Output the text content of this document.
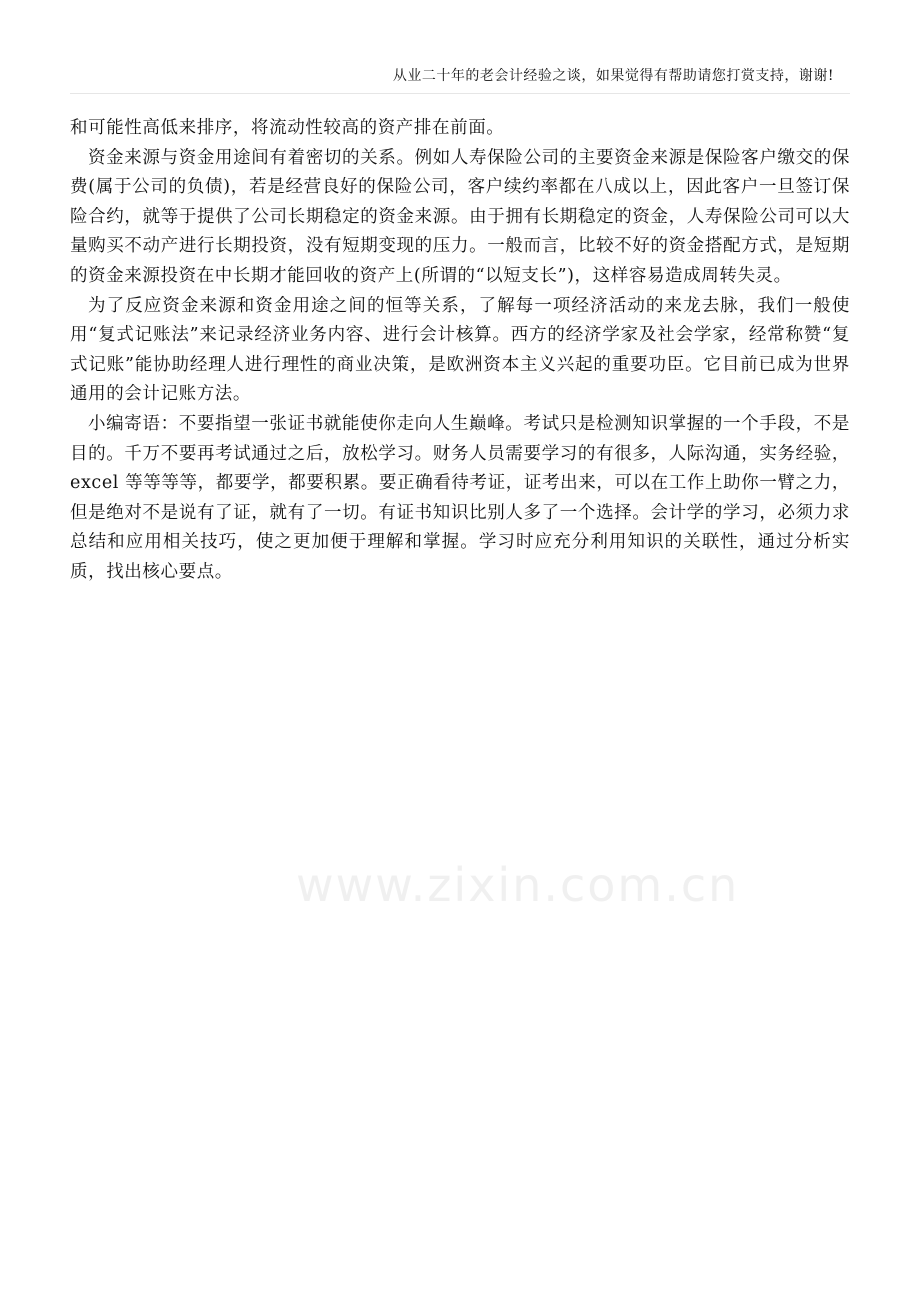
从业二十年的老会计经验之谈，如果觉得有帮助请您打赏支持，谢谢!

和可能性高低来排序，将流动性较高的资产排在前面。

资金来源与资金用途间有着密切的关系。例如人寿保险公司的主要资金来源是保险客户缴交的保费(属于公司的负债)，若是经营良好的保险公司，客户续约率都在八成以上，因此客户一旦签订保险合约，就等于提供了公司长期稳定的资金来源。由于拥有长期稳定的资金，人寿保险公司可以大量购买不动产进行长期投资，没有短期变现的压力。一般而言，比较不好的资金搭配方式，是短期的资金来源投资在中长期才能回收的资产上(所谓的“以短支长”)，这样容易造成周转失灵。

为了反应资金来源和资金用途之间的恒等关系，了解每一项经济活动的来龙去脉，我们一般使用“复式记账法”来记录经济业务内容、进行会计核算。西方的经济学家及社会学家，经常称赞“复式记账”能协助经理人进行理性的商业决策，是欧洲资本主义兴起的重要功臣。它目前已成为世界通用的会计记账方法。

小编寄语：不要指望一张证书就能使你走向人生巅峰。考试只是检测知识掌握的一个手段，不是目的。千万不要再考试通过之后，放松学习。财务人员需要学习的有很多，人际沟通，实务经验，excel 等等等等，都要学，都要积累。要正确看待考证，证考出来，可以在工作上助你一臂之力，但是绝对不是说有了证，就有了一切。有证书知识比别人多了一个选择。会计学的学习，必须力求总结和应用相关技巧，使之更加便于理解和掌握。学习时应充分利用知识的关联性，通过分析实质，找出核心要点。

www.zixin.com.cn
